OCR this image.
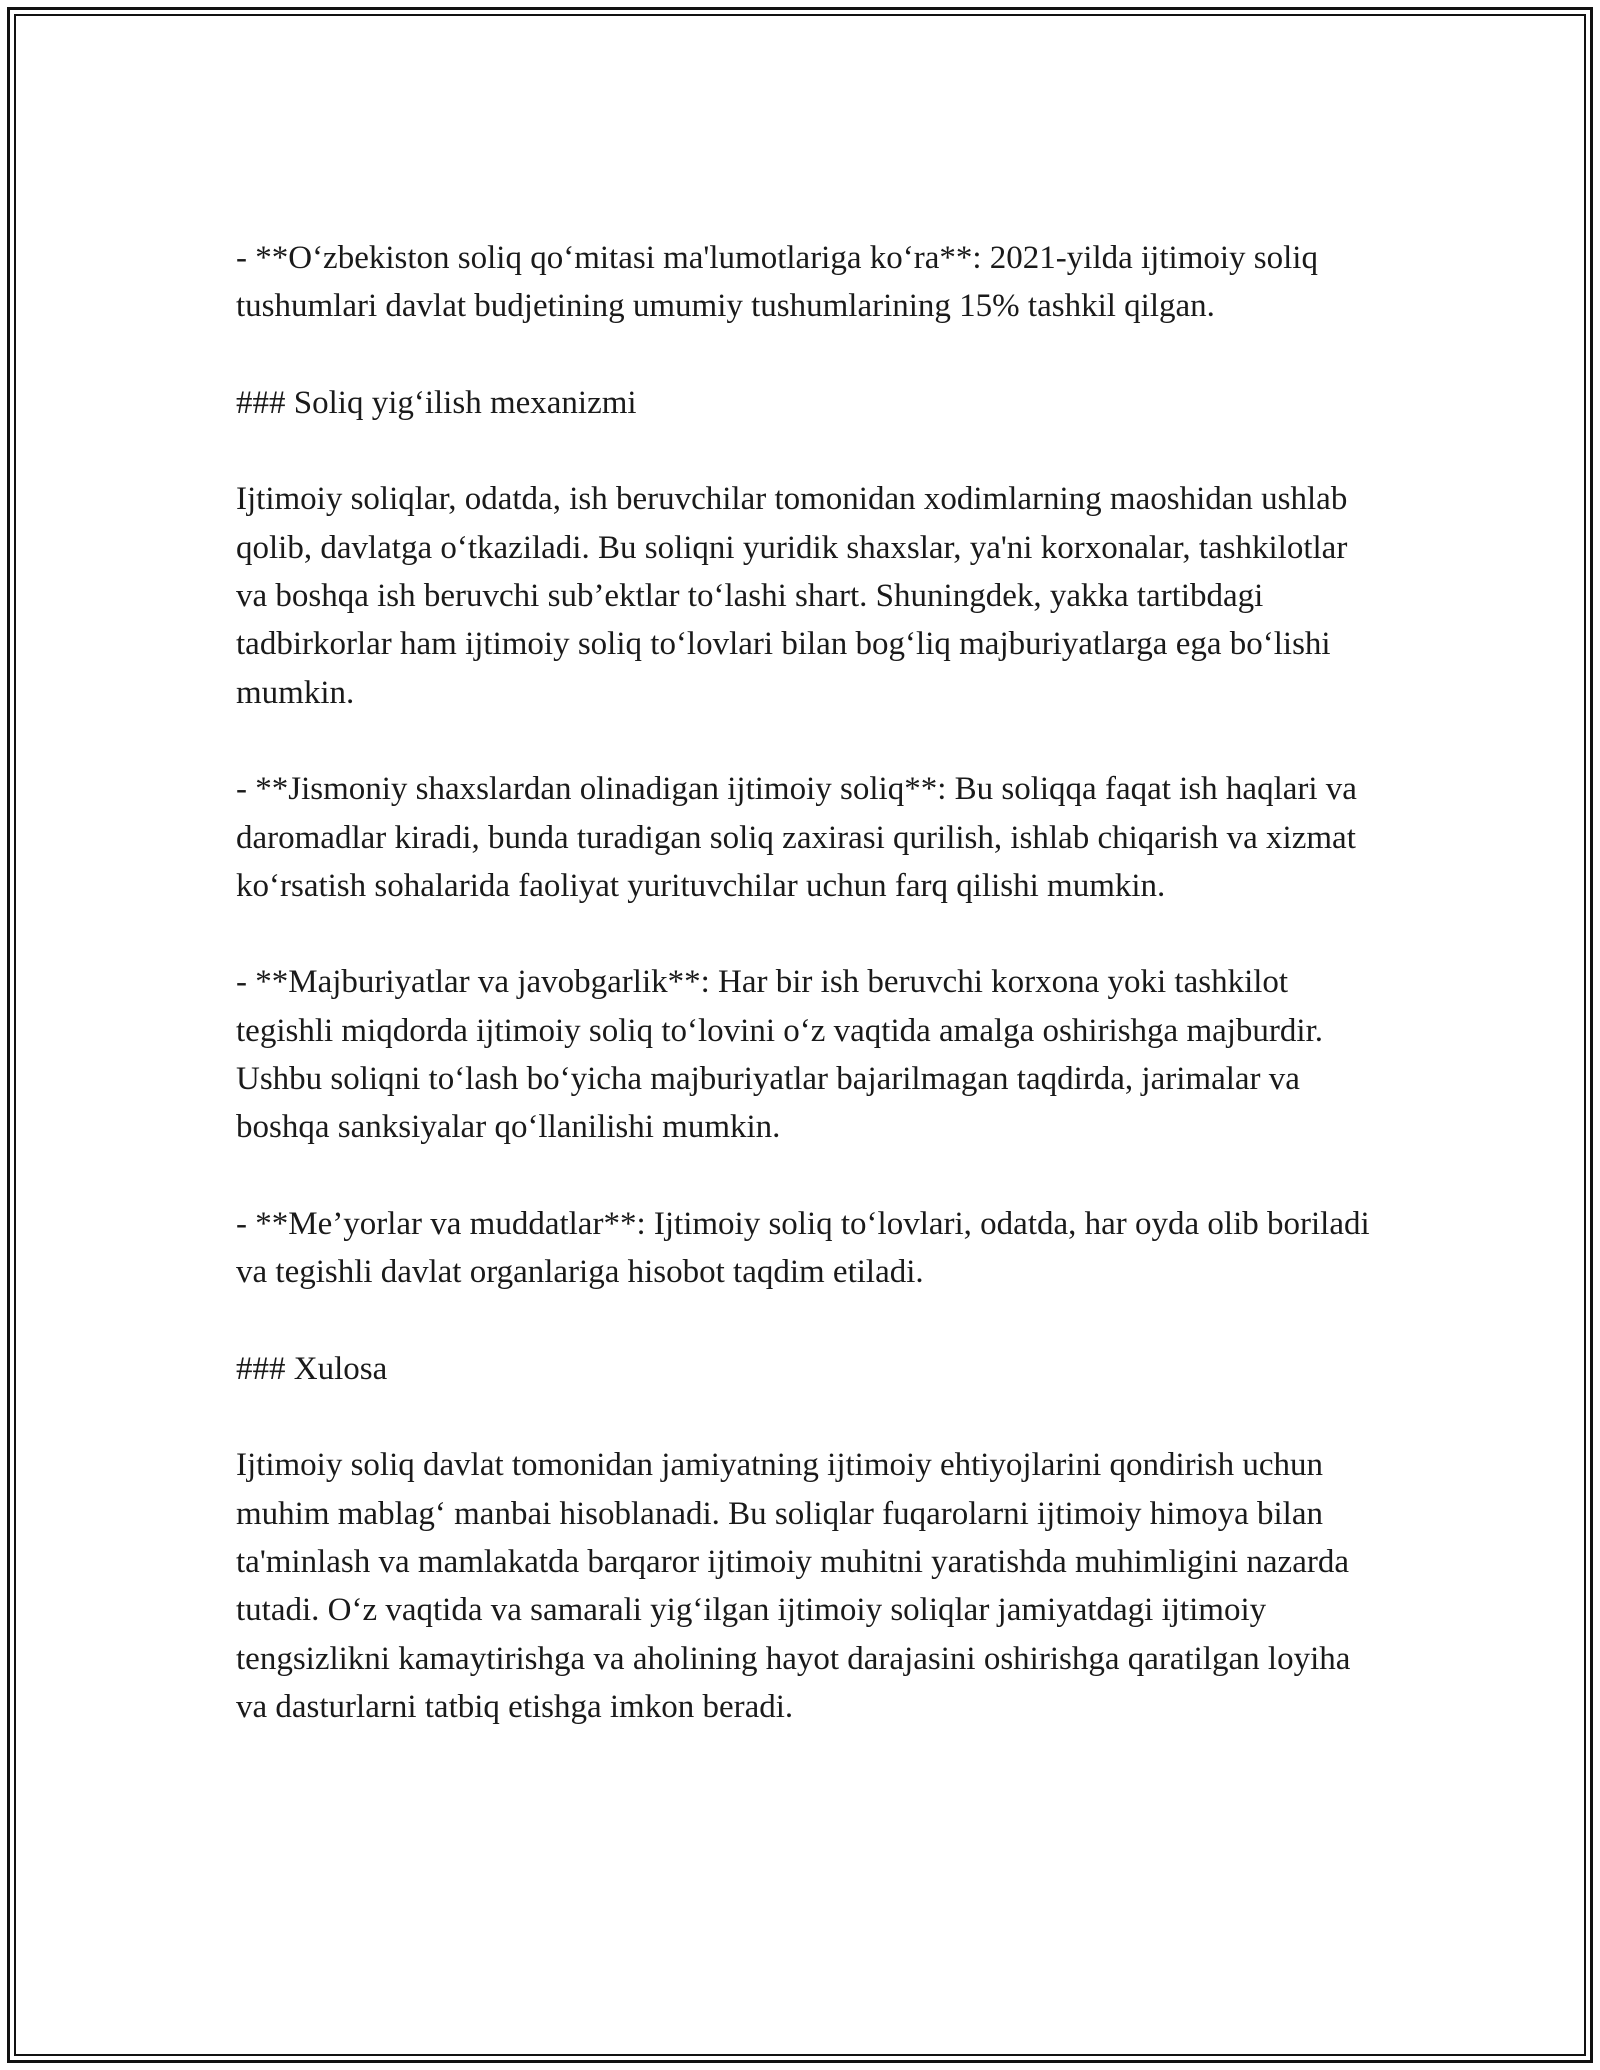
- **O‘zbekiston soliq qo‘mitasi ma'lumotlariga ko‘ra**: 2021-yilda ijtimoiy soliq tushumlari davlat budjetining umumiy tushumlarining 15% tashkil qilgan.

### Soliq yig‘ilish mexanizmi

Ijtimoiy soliqlar, odatda, ish beruvchilar tomonidan xodimlarning maoshidan ushlab qolib, davlatga o‘tkaziladi. Bu soliqni yuridik shaxslar, ya'ni korxonalar, tashkilotlar va boshqa ish beruvchi sub’ektlar to‘lashi shart. Shuningdek, yakka tartibdagi tadbirkorlar ham ijtimoiy soliq to‘lovlari bilan bog‘liq majburiyatlarga ega bo‘lishi mumkin.

- **Jismoniy shaxslardan olinadigan ijtimoiy soliq**: Bu soliqqa faqat ish haqlari va daromadlar kiradi, bunda turadigan soliq zaxirasi qurilish, ishlab chiqarish va xizmat ko‘rsatish sohalarida faoliyat yurituvchilar uchun farq qilishi mumkin.

- **Majburiyatlar va javobgarlik**: Har bir ish beruvchi korxona yoki tashkilot tegishli miqdorda ijtimoiy soliq to‘lovini o‘z vaqtida amalga oshirishga majburdir. Ushbu soliqni to‘lash bo‘yicha majburiyatlar bajarilmagan taqdirda, jarimalar va boshqa sanksiyalar qo‘llanilishi mumkin.

- **Me’yorlar va muddatlar**: Ijtimoiy soliq to‘lovlari, odatda, har oyda olib boriladi va tegishli davlat organlariga hisobot taqdim etiladi.

### Xulosa

Ijtimoiy soliq davlat tomonidan jamiyatning ijtimoiy ehtiyojlarini qondirish uchun muhim mablag‘ manbai hisoblanadi. Bu soliqlar fuqarolarni ijtimoiy himoya bilan ta'minlash va mamlakatda barqaror ijtimoiy muhitni yaratishda muhimligini nazarda tutadi. O‘z vaqtida va samarali yig‘ilgan ijtimoiy soliqlar jamiyatdagi ijtimoiy tengsizlikni kamaytirishga va aholining hayot darajasini oshirishga qaratilgan loyiha va dasturlarni tatbiq etishga imkon beradi.
